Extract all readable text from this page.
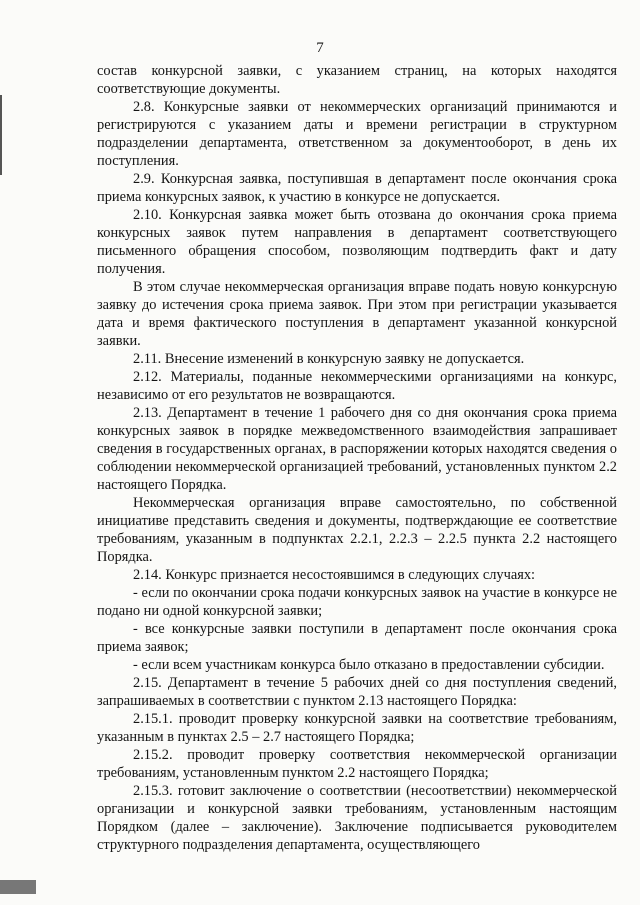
7

состав конкурсной заявки, с указанием страниц, на которых находятся соответствующие документы.

2.8. Конкурсные заявки от некоммерческих организаций принимаются и регистрируются с указанием даты и времени регистрации в структурном подразделении департамента, ответственном за документооборот, в день их поступления.

2.9. Конкурсная заявка, поступившая в департамент после окончания срока приема конкурсных заявок, к участию в конкурсе не допускается.

2.10. Конкурсная заявка может быть отозвана до окончания срока приема конкурсных заявок путем направления в департамент соответствующего письменного обращения способом, позволяющим подтвердить факт и дату получения.

В этом случае некоммерческая организация вправе подать новую конкурсную заявку до истечения срока приема заявок. При этом при регистрации указывается дата и время фактического поступления в департамент указанной конкурсной заявки.

2.11. Внесение изменений в конкурсную заявку не допускается.

2.12. Материалы, поданные некоммерческими организациями на конкурс, независимо от его результатов не возвращаются.

2.13. Департамент в течение 1 рабочего дня со дня окончания срока приема конкурсных заявок в порядке межведомственного взаимодействия запрашивает сведения в государственных органах, в распоряжении которых находятся сведения о соблюдении некоммерческой организацией требований, установленных пунктом 2.2 настоящего Порядка.

Некоммерческая организация вправе самостоятельно, по собственной инициативе представить сведения и документы, подтверждающие ее соответствие требованиям, указанным в подпунктах 2.2.1, 2.2.3 – 2.2.5 пункта 2.2 настоящего Порядка.

2.14. Конкурс признается несостоявшимся в следующих случаях:

- если по окончании срока подачи конкурсных заявок на участие в конкурсе не подано ни одной конкурсной заявки;

- все конкурсные заявки поступили в департамент после окончания срока приема заявок;

- если всем участникам конкурса было отказано в предоставлении субсидии.

2.15. Департамент в течение 5 рабочих дней со дня поступления сведений, запрашиваемых в соответствии с пунктом 2.13 настоящего Порядка:

2.15.1. проводит проверку конкурсной заявки на соответствие требованиям, указанным в пунктах 2.5 – 2.7 настоящего Порядка;

2.15.2. проводит проверку соответствия некоммерческой организации требованиям, установленным пунктом 2.2 настоящего Порядка;

2.15.3. готовит заключение о соответствии (несоответствии) некоммерческой организации и конкурсной заявки требованиям, установленным настоящим Порядком (далее – заключение). Заключение подписывается руководителем структурного подразделения департамента, осуществляющего
